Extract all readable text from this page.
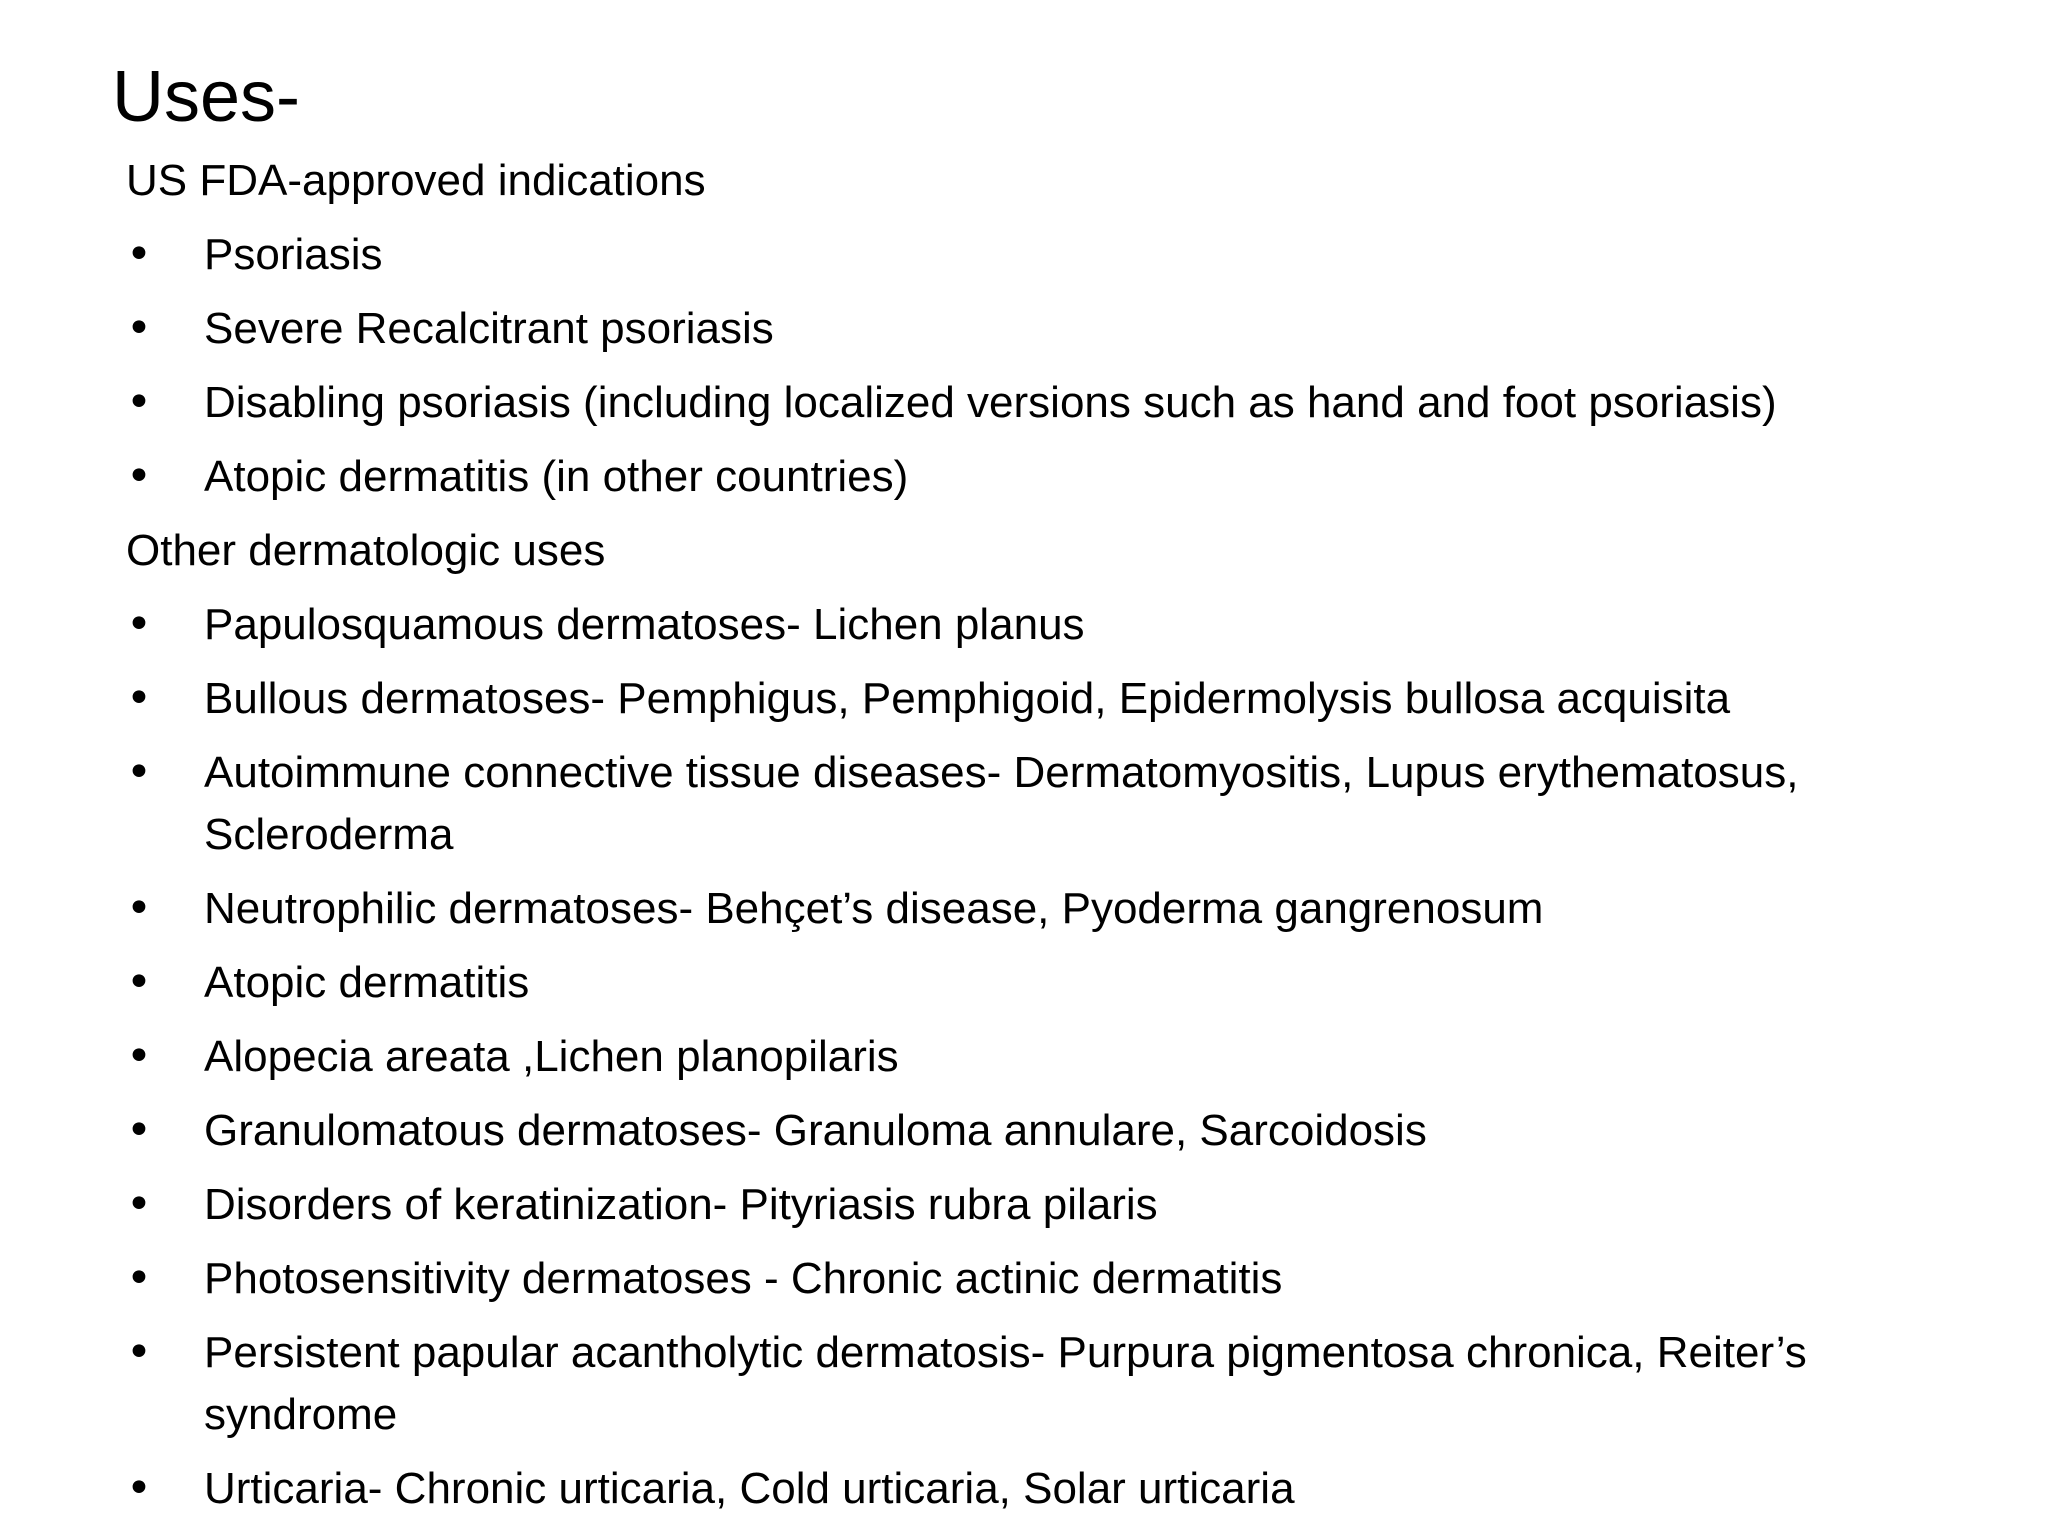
Uses-
US FDA-approved indications
•	Psoriasis
•	Severe Recalcitrant psoriasis
•	Disabling psoriasis (including localized versions such as hand and foot psoriasis)
•	Atopic dermatitis (in other countries)
Other dermatologic uses
•	Papulosquamous dermatoses- Lichen planus
•	Bullous dermatoses- Pemphigus, Pemphigoid, Epidermolysis bullosa acquisita
•	Autoimmune connective tissue diseases- Dermatomyositis, Lupus erythematosus, Scleroderma
•	Neutrophilic dermatoses- Behçet’s disease, Pyoderma gangrenosum
•	Atopic dermatitis
•	Alopecia areata ,Lichen planopilaris
•	Granulomatous dermatoses- Granuloma annulare, Sarcoidosis
•	Disorders of keratinization- Pityriasis rubra pilaris
•	Photosensitivity dermatoses - Chronic actinic dermatitis
•	Persistent papular acantholytic dermatosis- Purpura pigmentosa chronica, Reiter’s syndrome
•	Urticaria- Chronic urticaria, Cold urticaria, Solar urticaria
